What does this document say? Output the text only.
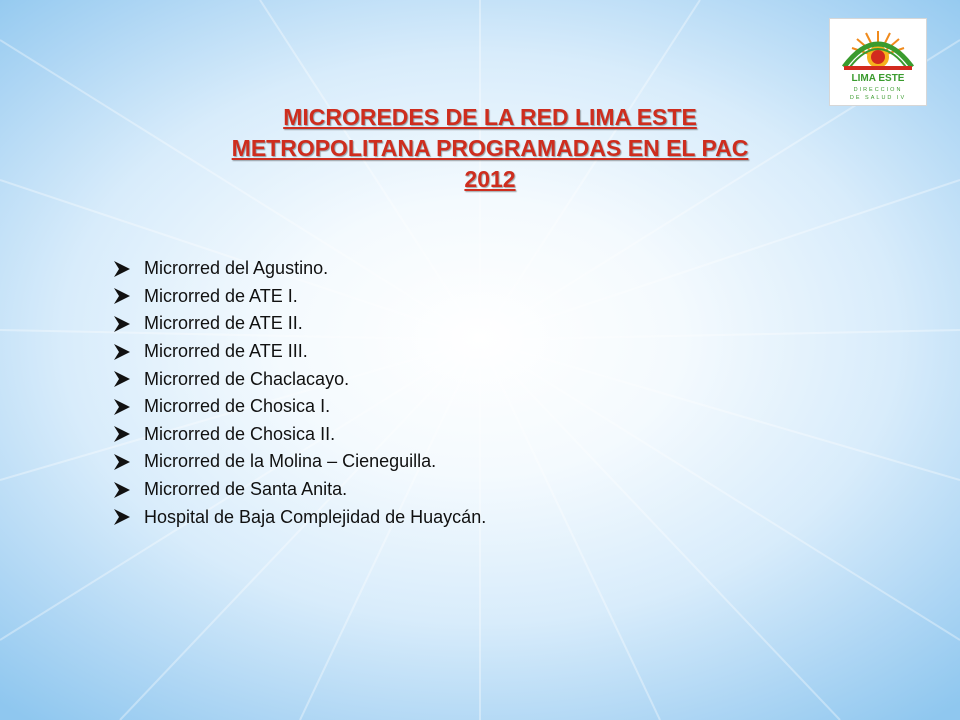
LIMA ESTE
DIRECCION
DE SALUD IV
MICROREDES DE LA RED LIMA ESTE
METROPOLITANA PROGRAMADAS EN EL PAC
2012
Microrred del Agustino.
Microrred de ATE I.
Microrred de ATE II.
Microrred de ATE III.
Microrred de Chaclacayo.
Microrred de Chosica I.
Microrred de Chosica II.
Microrred de la Molina – Cieneguilla.
Microrred de Santa Anita.
Hospital de Baja Complejidad de Huaycán.
